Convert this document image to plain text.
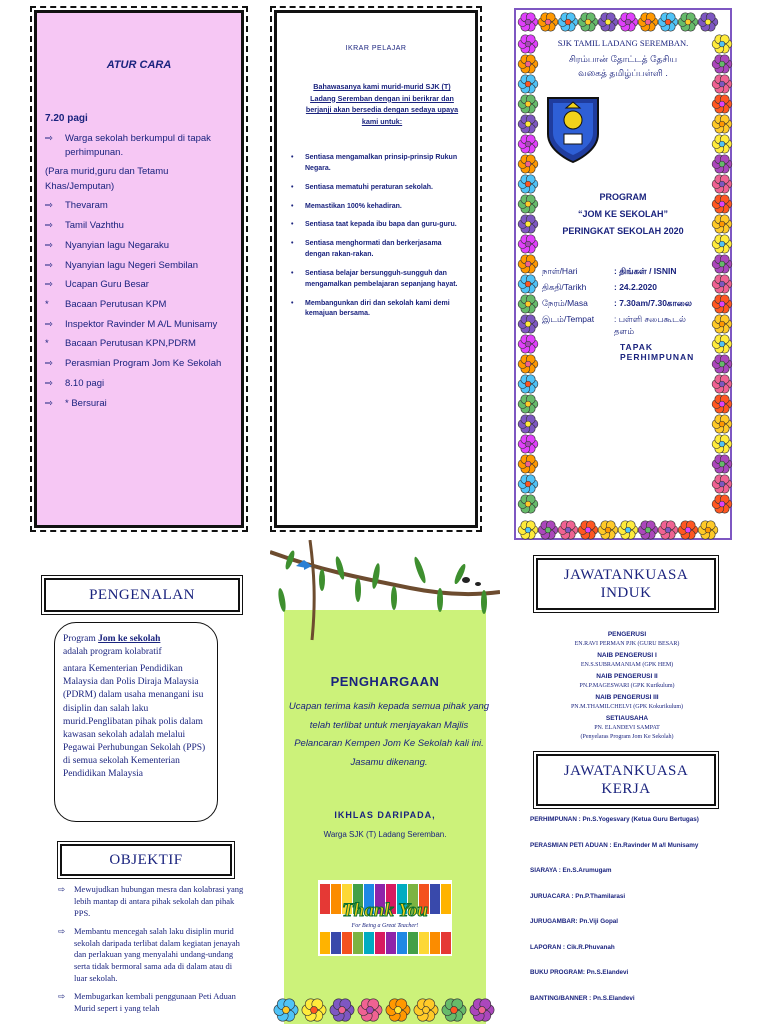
ATUR CARA
7.20 pagi
⇨	Warga sekolah berkumpul di tapak perhimpunan.
(Para murid,guru dan Tetamu Khas/Jemputan)
⇨	Thevaram
⇨	Tamil Vazhthu
⇨	Nyanyian lagu Negaraku
⇨	Nyanyian lagu Negeri Sembilan
⇨	Ucapan Guru Besar
*	Bacaan Perutusan KPM
⇨	Inspektor Ravinder M A/L Munisamy
*	Bacaan Perutusan KPN,PDRM
⇨	Perasmian Program Jom Ke Sekolah
⇨	8.10 pagi
⇨	* Bersurai
IKRAR PELAJAR
Bahawasanya kami murid-murid SJK (T) Ladang Seremban dengan ini berikrar dan berjanji akan bersedia dengan sedaya upaya kami untuk:
•	Sentiasa mengamalkan prinsip-prinsip Rukun Negara.
•	Sentiasa mematuhi peraturan sekolah.
•	Memastikan 100% kehadiran.
•	Sentiasa taat kepada ibu bapa dan guru-guru.
•	Sentiasa menghormati dan berkerjasama dengan rakan-rakan.
•	Sentiasa belajar bersungguh-sungguh dan mengamalkan pembelajaran sepanjang hayat.
•	Membangunkan diri dan sekolah kami demi kemajuan bersama.
SJK TAMIL LADANG SEREMBAN.
சிரம்பான் தோட்டத் தேசிய
வகைத் தமிழ்ப்பள்ளி .
PROGRAM
“JOM KE SEKOLAH”
PERINGKAT SEKOLAH 2020
நாள்/Hari	: திங்கள் / ISNIN
திகதி/Tarikh	: 24.2.2020
நேரம்/Masa	: 7.30am/7.30காலை
இடம்/Tempat	: பள்ளி சபைகூடல் தளம்
TAPAK PERHIMPUNAN
PENGENALAN
Program Jom ke sekolah
adalah program kolabratif
antara Kementerian Pendidikan Malaysia dan Polis Diraja Malaysia (PDRM) dalam usaha menangani isu disiplin dan salah laku murid.Penglibatan pihak polis dalam kawasan sekolah adalah melalui Pegawai Perhubungan Sekolah (PPS) di semua sekolah Kementerian Pendidikan Malaysia
OBJEKTIF
⇨	Mewujudkan hubungan mesra dan kolabrasi yang lebih mantap di antara pihak sekolah dan pihak PPS.
⇨	Membantu mencegah salah laku disiplin murid sekolah daripada terlibat dalam kegiatan jenayah dan perlakuan yang menyalahi undang-undang serta tidak bermoral sama ada di dalam atau di luar sekolah.
⇨	Membugarkan kembali penggunaan Peti Aduan Murid sepert i yang telah
PENGHARGAAN
Ucapan terima kasih kepada semua pihak yang telah terlibat untuk menjayakan Majlis Pelancaran Kempen Jom Ke Sekolah kali ini. Jasamu dikenang.
IKHLAS DARIPADA,
Warga SJK (T) Ladang Seremban.
Thank You
For Being a Great Teacher!
JAWATANKUASA
INDUK
PENGERUSI
EN.RAVI PERMAN PJK (GURU BESAR)
NAIB PENGERUSI I
EN.S.SUBRAMANIAM (GPK HEM)
NAIB PENGERUSI II
PN.P.MAGESWARI (GPK Kurikulum)
NAIB PENGERUSI III
PN.M.THAMILCHELVI (GPK Kokurikulum)
SETIAUSAHA
PN. ELANDEVI SAMPAT
(Penyelaras Program Jom Ke Sekolah)
JAWATANKUASA
KERJA
PERHIMPUNAN : Pn.S.Yogesvary (Ketua Guru Bertugas)
PERASMIAN PETI ADUAN : En.Ravinder M a/l Munisamy
SIARAYA : En.S.Arumugam
JURUACARA : Pn.P.Thamilarasi
JURUGAMBAR: Pn.Viji Gopal
LAPORAN : Cik.R.Phuvanah
BUKU PROGRAM: Pn.S.Elandevi
BANTING/BANNER : Pn.S.Elandevi
